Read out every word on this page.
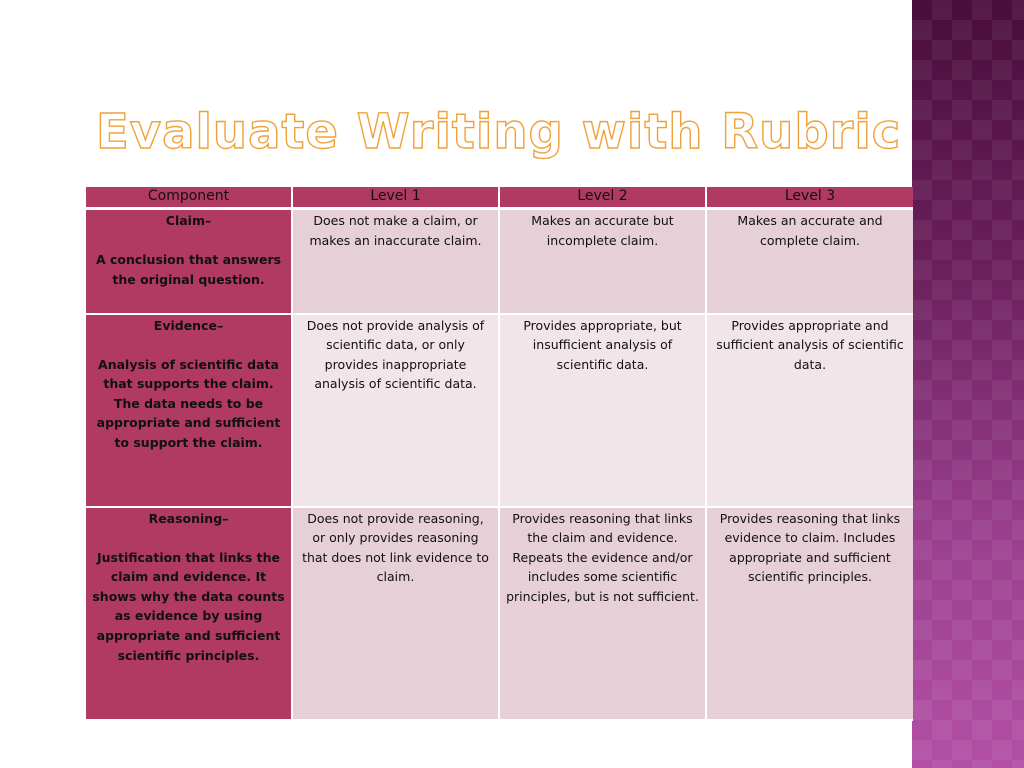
Evaluate Writing with Rubric
Component	Level 1	Level 2	Level 3

Claim–
A conclusion that answers the original question.	Does not make a claim, or makes an inaccurate claim.	Makes an accurate but incomplete claim.	Makes an accurate and complete claim.

Evidence–
Analysis of scientific data that supports the claim. The data needs to be appropriate and sufficient to support the claim.	Does not provide analysis of scientific data, or only provides inappropriate analysis of scientific data.	Provides appropriate, but insufficient analysis of scientific data.	Provides appropriate and sufficient analysis of scientific data.

Reasoning–
Justification that links the claim and evidence. It shows why the data counts as evidence by using appropriate and sufficient scientific principles.	Does not provide reasoning, or only provides reasoning that does not link evidence to claim.	Provides reasoning that links the claim and evidence. Repeats the evidence and/or includes some scientific principles, but is not sufficient.	Provides reasoning that links evidence to claim. Includes appropriate and sufficient scientific principles.
